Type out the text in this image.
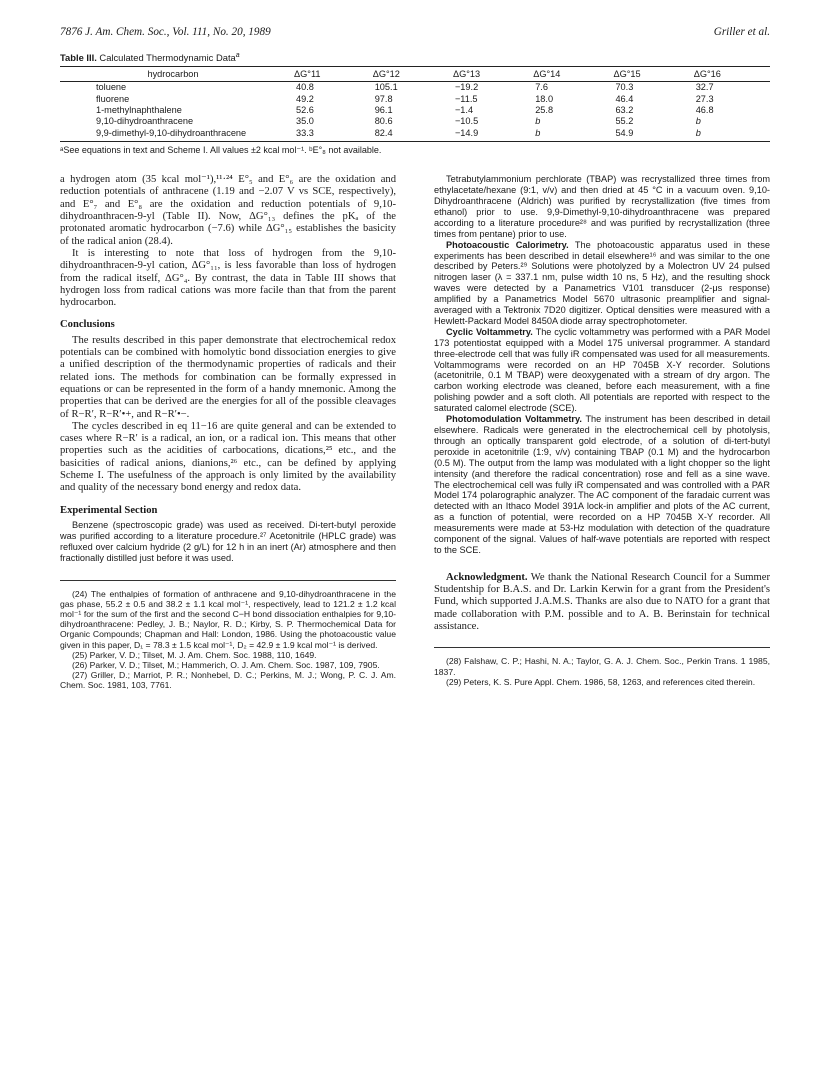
7876 J. Am. Chem. Soc., Vol. 111, No. 20, 1989	Griller et al.
Table III. Calculated Thermodynamic Data$^a$
hydrocarbon	ΔG°11	ΔG°12	ΔG°13	ΔG°14	ΔG°15	ΔG°16
toluene	40.8	105.1	−19.2	7.6	70.3	32.7
fluorene	49.2	97.8	−11.5	18.0	46.4	27.3
1-methylnaphthalene	52.6	96.1	−1.4	25.8	63.2	46.8
9,10-dihydroanthracene	35.0	80.6	−10.5	b	55.2	b
9,9-dimethyl-9,10-dihydroanthracene	33.3	82.4	−14.9	b	54.9	b
ᵃSee equations in text and Scheme I. All values ±2 kcal mol⁻¹. ᵇE°₈ not available.

a hydrogen atom (35 kcal mol⁻¹),¹¹·²⁴ E°₅ and E°₆ are the oxidation and reduction potentials of anthracene (1.19 and −2.07 V vs SCE, respectively), and E°₇ and E°₈ are the oxidation and reduction potentials of 9,10-dihydroanthracen-9-yl (Table II). Now, ΔG°₁₃ defines the pKₐ of the protonated aromatic hydrocarbon (−7.6) while ΔG°₁₅ establishes the basicity of the radical anion (28.4).

It is interesting to note that loss of hydrogen from the 9,10-dihydroanthracen-9-yl cation, ΔG°₁₁, is less favorable than loss of hydrogen from the radical itself, ΔG°₄. By contrast, the data in Table III shows that hydrogen loss from radical cations was more facile than that from the parent hydrocarbon.

Conclusions

The results described in this paper demonstrate that electrochemical redox potentials can be combined with homolytic bond dissociation energies to give a unified description of the thermodynamic properties of radicals and their related ions. The methods for combination can be formally expressed in equations or can be represented in the form of a handy mnemonic. Among the properties that can be derived are the energies for all of the possible cleavages of R−R′, R−R′•+, and R−R′•−.

The cycles described in eq 11−16 are quite general and can be extended to cases where R−R′ is a radical, an ion, or a radical ion. This means that other properties such as the acidities of carbocations, dications,²⁵ etc., and the basicities of radical anions, dianions,²⁶ etc., can be defined by applying Scheme I. The usefulness of the approach is only limited by the availability and quality of the necessary bond energy and redox data.

Experimental Section

Benzene (spectroscopic grade) was used as received. Di-tert-butyl peroxide was purified according to a literature procedure.²⁷ Acetonitrile (HPLC grade) was refluxed over calcium hydride (2 g/L) for 12 h in an inert (Ar) atmosphere and then fractionally distilled just before it was used.

(24) The enthalpies of formation of anthracene and 9,10-dihydroanthracene in the gas phase, 55.2 ± 0.5 and 38.2 ± 1.1 kcal mol⁻¹, respectively, lead to 121.2 ± 1.2 kcal mol⁻¹ for the sum of the first and the second C−H bond dissociation enthalpies for 9,10-dihydroanthracene: Pedley, J. B.; Naylor, R. D.; Kirby, S. P. Thermochemical Data for Organic Compounds; Chapman and Hall: London, 1986. Using the photoacoustic value given in this paper, D₁ = 78.3 ± 1.5 kcal mol⁻¹, D₂ = 42.9 ± 1.9 kcal mol⁻¹ is derived.

(25) Parker, V. D.; Tilset, M. J. Am. Chem. Soc. 1988, 110, 1649.

(26) Parker, V. D.; Tilset, M.; Hammerich, O. J. Am. Chem. Soc. 1987, 109, 7905.

(27) Griller, D.; Marriot, P. R.; Nonhebel, D. C.; Perkins, M. J.; Wong, P. C. J. Am. Chem. Soc. 1981, 103, 7761.

Tetrabutylammonium perchlorate (TBAP) was recrystallized three times from ethylacetate/hexane (9:1, v/v) and then dried at 45 °C in a vacuum oven. 9,10-Dihydroanthracene (Aldrich) was purified by recrystallization (five times from ethanol) prior to use. 9,9-Dimethyl-9,10-dihydroanthracene was prepared according to a literature procedure²⁸ and was purified by recrystallization (three times from pentane) prior to use.

Photoacoustic Calorimetry. The photoacoustic apparatus used in these experiments has been described in detail elsewhere¹⁶ and was similar to the one described by Peters.²⁹ Solutions were photolyzed by a Molectron UV 24 pulsed nitrogen laser (λ = 337.1 nm, pulse width 10 ns, 5 Hz), and the resulting shock waves were detected by a Panametrics V101 transducer (2-μs response) amplified by a Panametrics Model 5670 ultrasonic preamplifier and signal-averaged with a Tektronix 7D20 digitizer. Optical densities were measured with a Hewlett-Packard Model 8450A diode array spectrophotometer.

Cyclic Voltammetry. The cyclic voltammetry was performed with a PAR Model 173 potentiostat equipped with a Model 175 universal programmer. A standard three-electrode cell that was fully iR compensated was used for all measurements. Voltammograms were recorded on an HP 7045B X-Y recorder. Solutions (acetonitrile, 0.1 M TBAP) were deoxygenated with a stream of dry argon. The carbon working electrode was cleaned, before each measurement, with a fine polishing powder and a soft cloth. All potentials are reported with respect to the saturated calomel electrode (SCE).

Photomodulation Voltammetry. The instrument has been described in detail elsewhere. Radicals were generated in the electrochemical cell by photolysis, through an optically transparent gold electrode, of a solution of di-tert-butyl peroxide in acetonitrile (1:9, v/v) containing TBAP (0.1 M) and the hydrocarbon (0.5 M). The output from the lamp was modulated with a light chopper so the light intensity (and therefore the radical concentration) rose and fell as a sine wave. The electrochemical cell was fully iR compensated and was controlled with a PAR Model 174 polarographic analyzer. The AC component of the faradaic current was detected with an Ithaco Model 391A lock-in amplifier and plots of the AC current, as a function of potential, were recorded on a HP 7045B X-Y recorder. All measurements were made at 53-Hz modulation with detection of the quadrature component of the signal. Values of half-wave potentials are reported with respect to the SCE.

Acknowledgment. We thank the National Research Council for a Summer Studentship for B.A.S. and Dr. Larkin Kerwin for a grant from the President's Fund, which supported J.A.M.S. Thanks are also due to NATO for a grant that made collaboration with P.M. possible and to A. B. Berinstain for technical assistance.

(28) Falshaw, C. P.; Hashi, N. A.; Taylor, G. A. J. Chem. Soc., Perkin Trans. 1 1985, 1837.

(29) Peters, K. S. Pure Appl. Chem. 1986, 58, 1263, and references cited therein.
